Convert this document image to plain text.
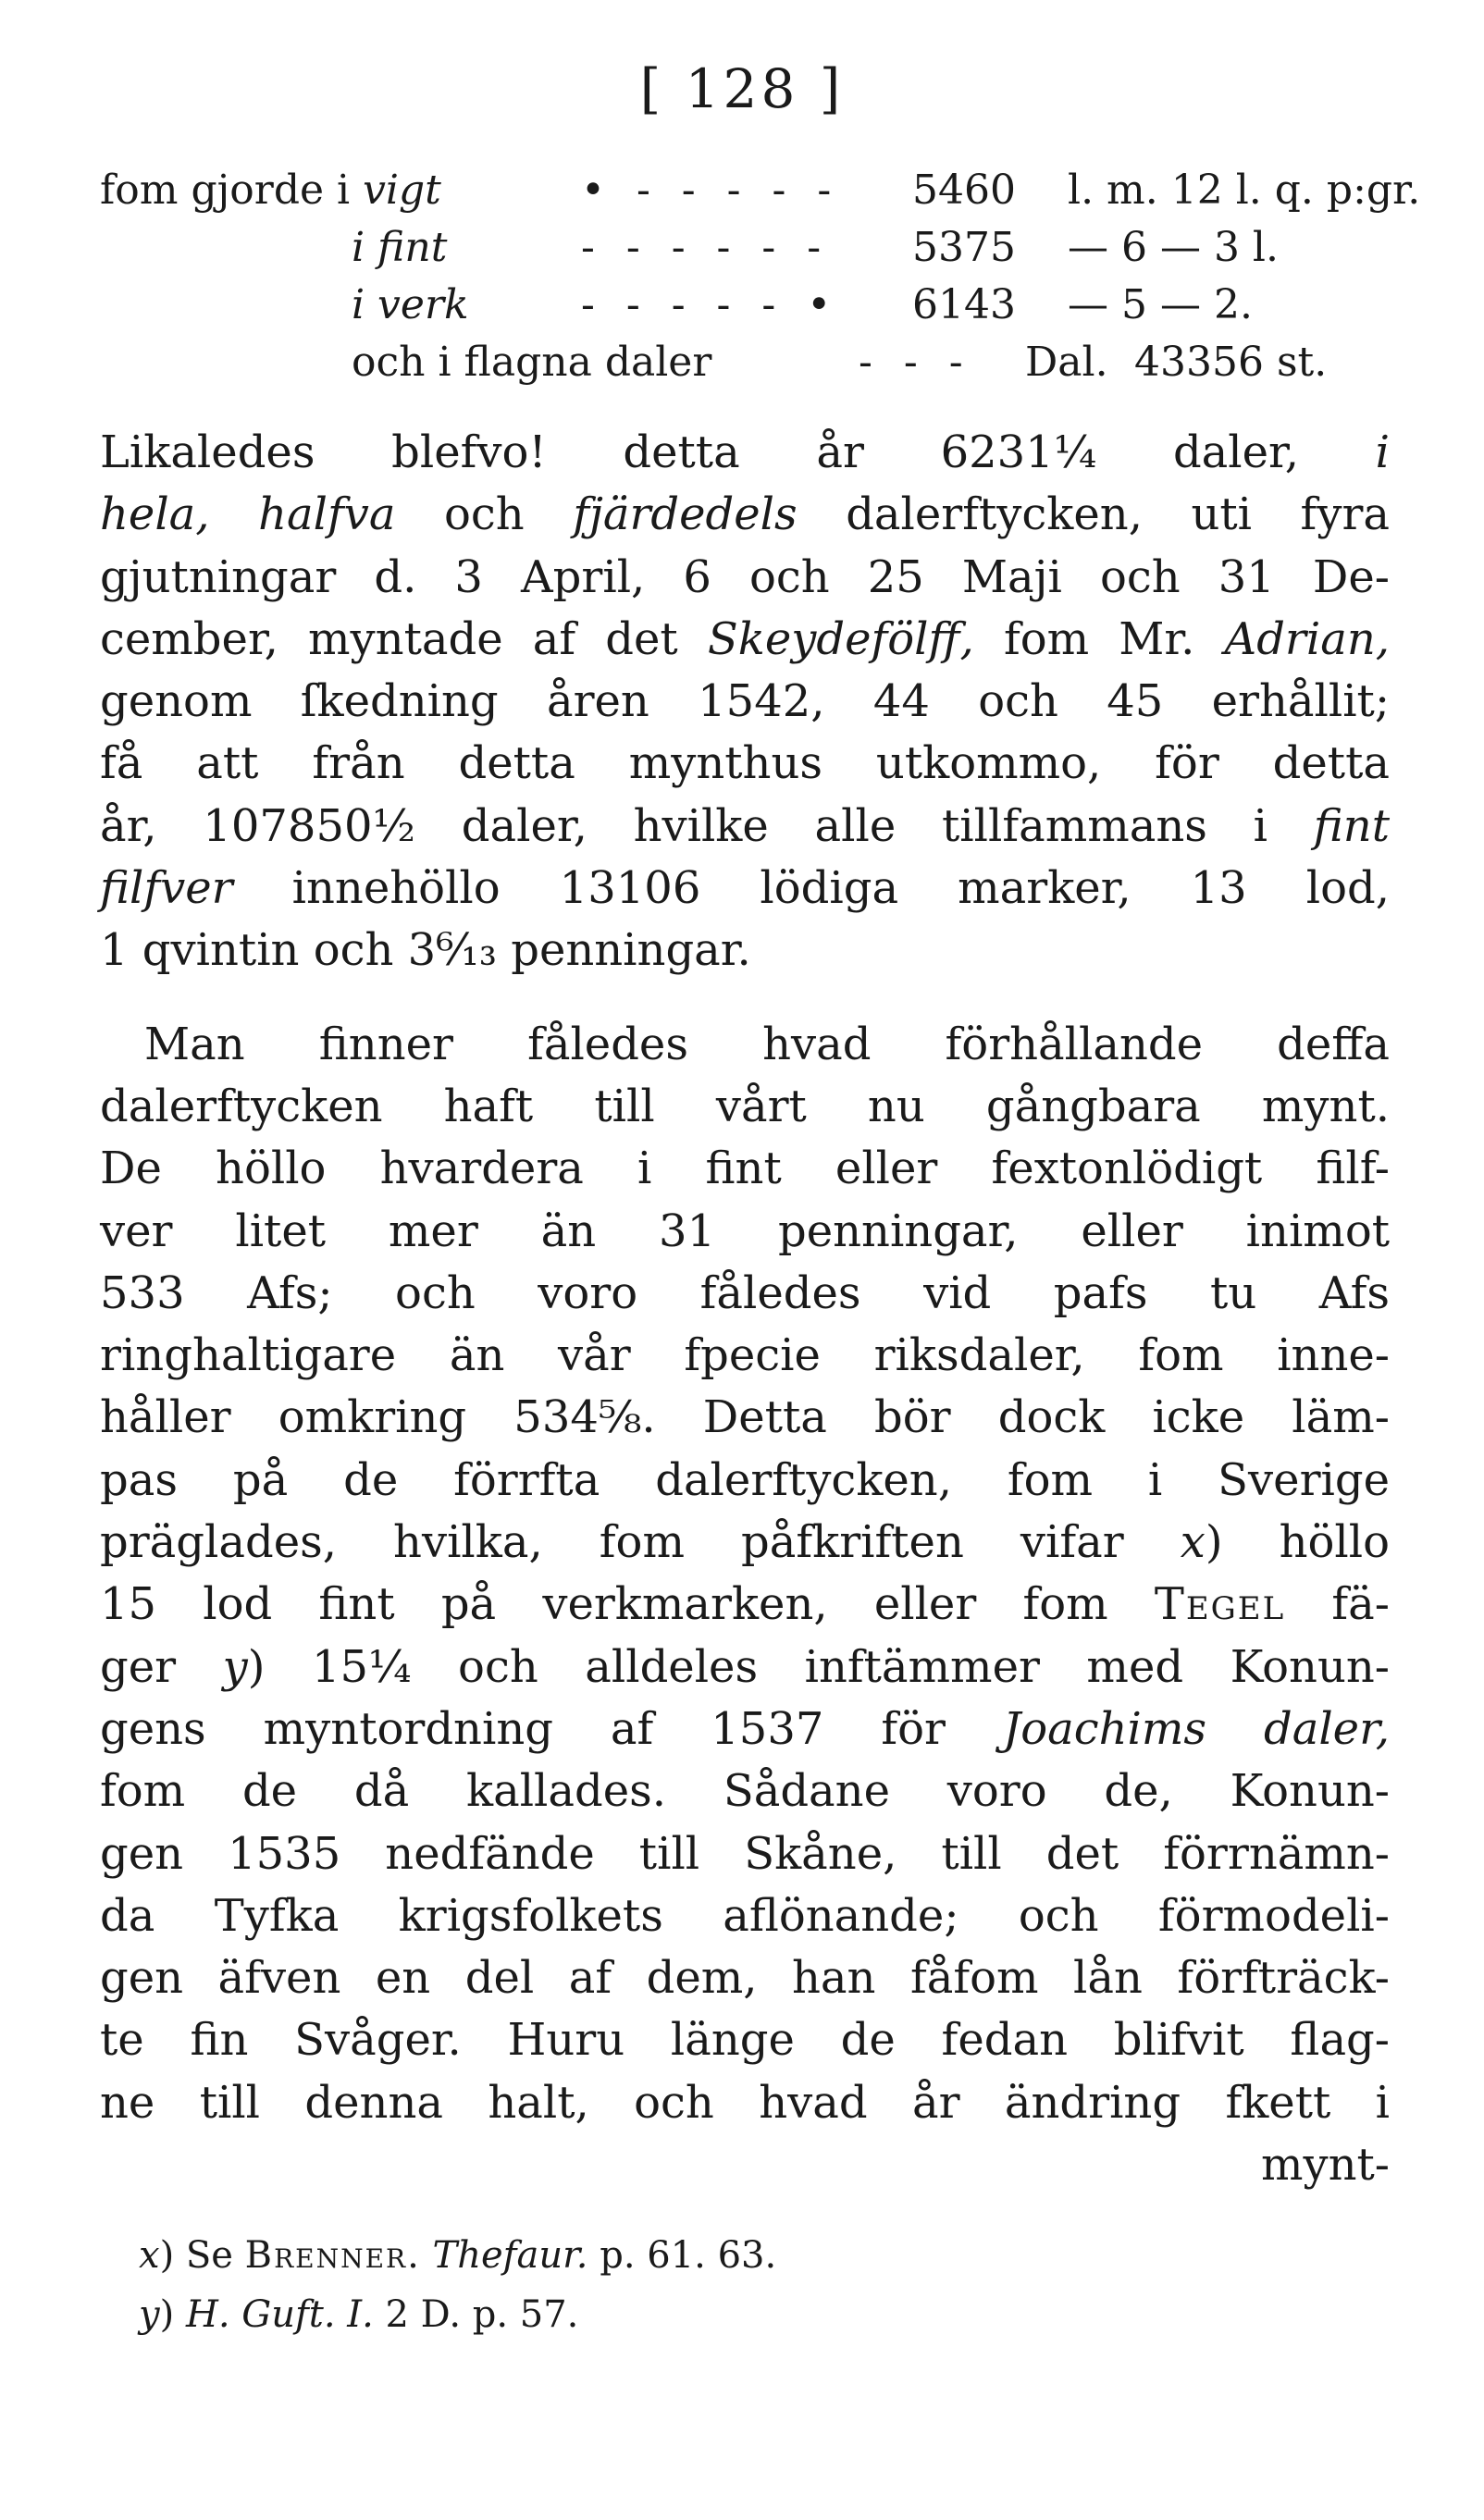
[ 128 ]
fom gjorde i vigt	• - - - - - 5460 l. m. 12 l. q. p:gr.
i fint	- - - - - - 5375 — 6 — 3 l.
i verk	- - - - - • 6143 — 5 — 2.
och i flagna daler	- - - Dal. 43356 st.
Likaledes blefvo! detta år 6231¼ daler, i
hela, halfva och fjärdedels dalerftycken, uti fyra
gjutningar d. 3 April, 6 och 25 Maji och 31 De-
cember, myntade af det Skeydefölff, fom Mr. Adrian,
genom ſkedning åren 1542, 44 och 45 erhållit;
få att från detta mynthus utkommo, för detta
år, 107850½ daler, hvilke alle tillfammans i fint
filfver innehöllo 13106 lödiga marker, 13 lod,
1 qvintin och 3⁶⁄₁₃ penningar.
Man finner fåledes hvad förhållande deffa
dalerftycken haft till vårt nu gångbara mynt.
De höllo hvardera i fint eller fextonlödigt filf-
ver litet mer än 31 penningar, eller inimot
533 Afs; och voro fåledes vid pafs tu Afs
ringhaltigare än vår fpecie riksdaler, fom inne-
håller omkring 534⅝. Detta bör dock icke läm-
pas på de förrfta dalerftycken, fom i Sverige
präglades, hvilka, fom påfkriften vifar x) höllo
15 lod fint på verkmarken, eller fom Tegel fä-
ger y) 15¼ och alldeles inftämmer med Konun-
gens myntordning af 1537 för Joachims daler,
fom de då kallades. Sådane voro de, Konun-
gen 1535 nedfände till Skåne, till det förrnämn-
da Tyfka krigsfolkets aflönande; och förmodeli-
gen äfven en del af dem, han fåfom lån förfträck-
te fin Svåger. Huru länge de fedan blifvit flag-
ne till denna halt, och hvad år ändring fkett i
mynt-
x) Se Brenner. Thefaur. p. 61. 63.
y) H. Guft. I. 2 D. p. 57.
